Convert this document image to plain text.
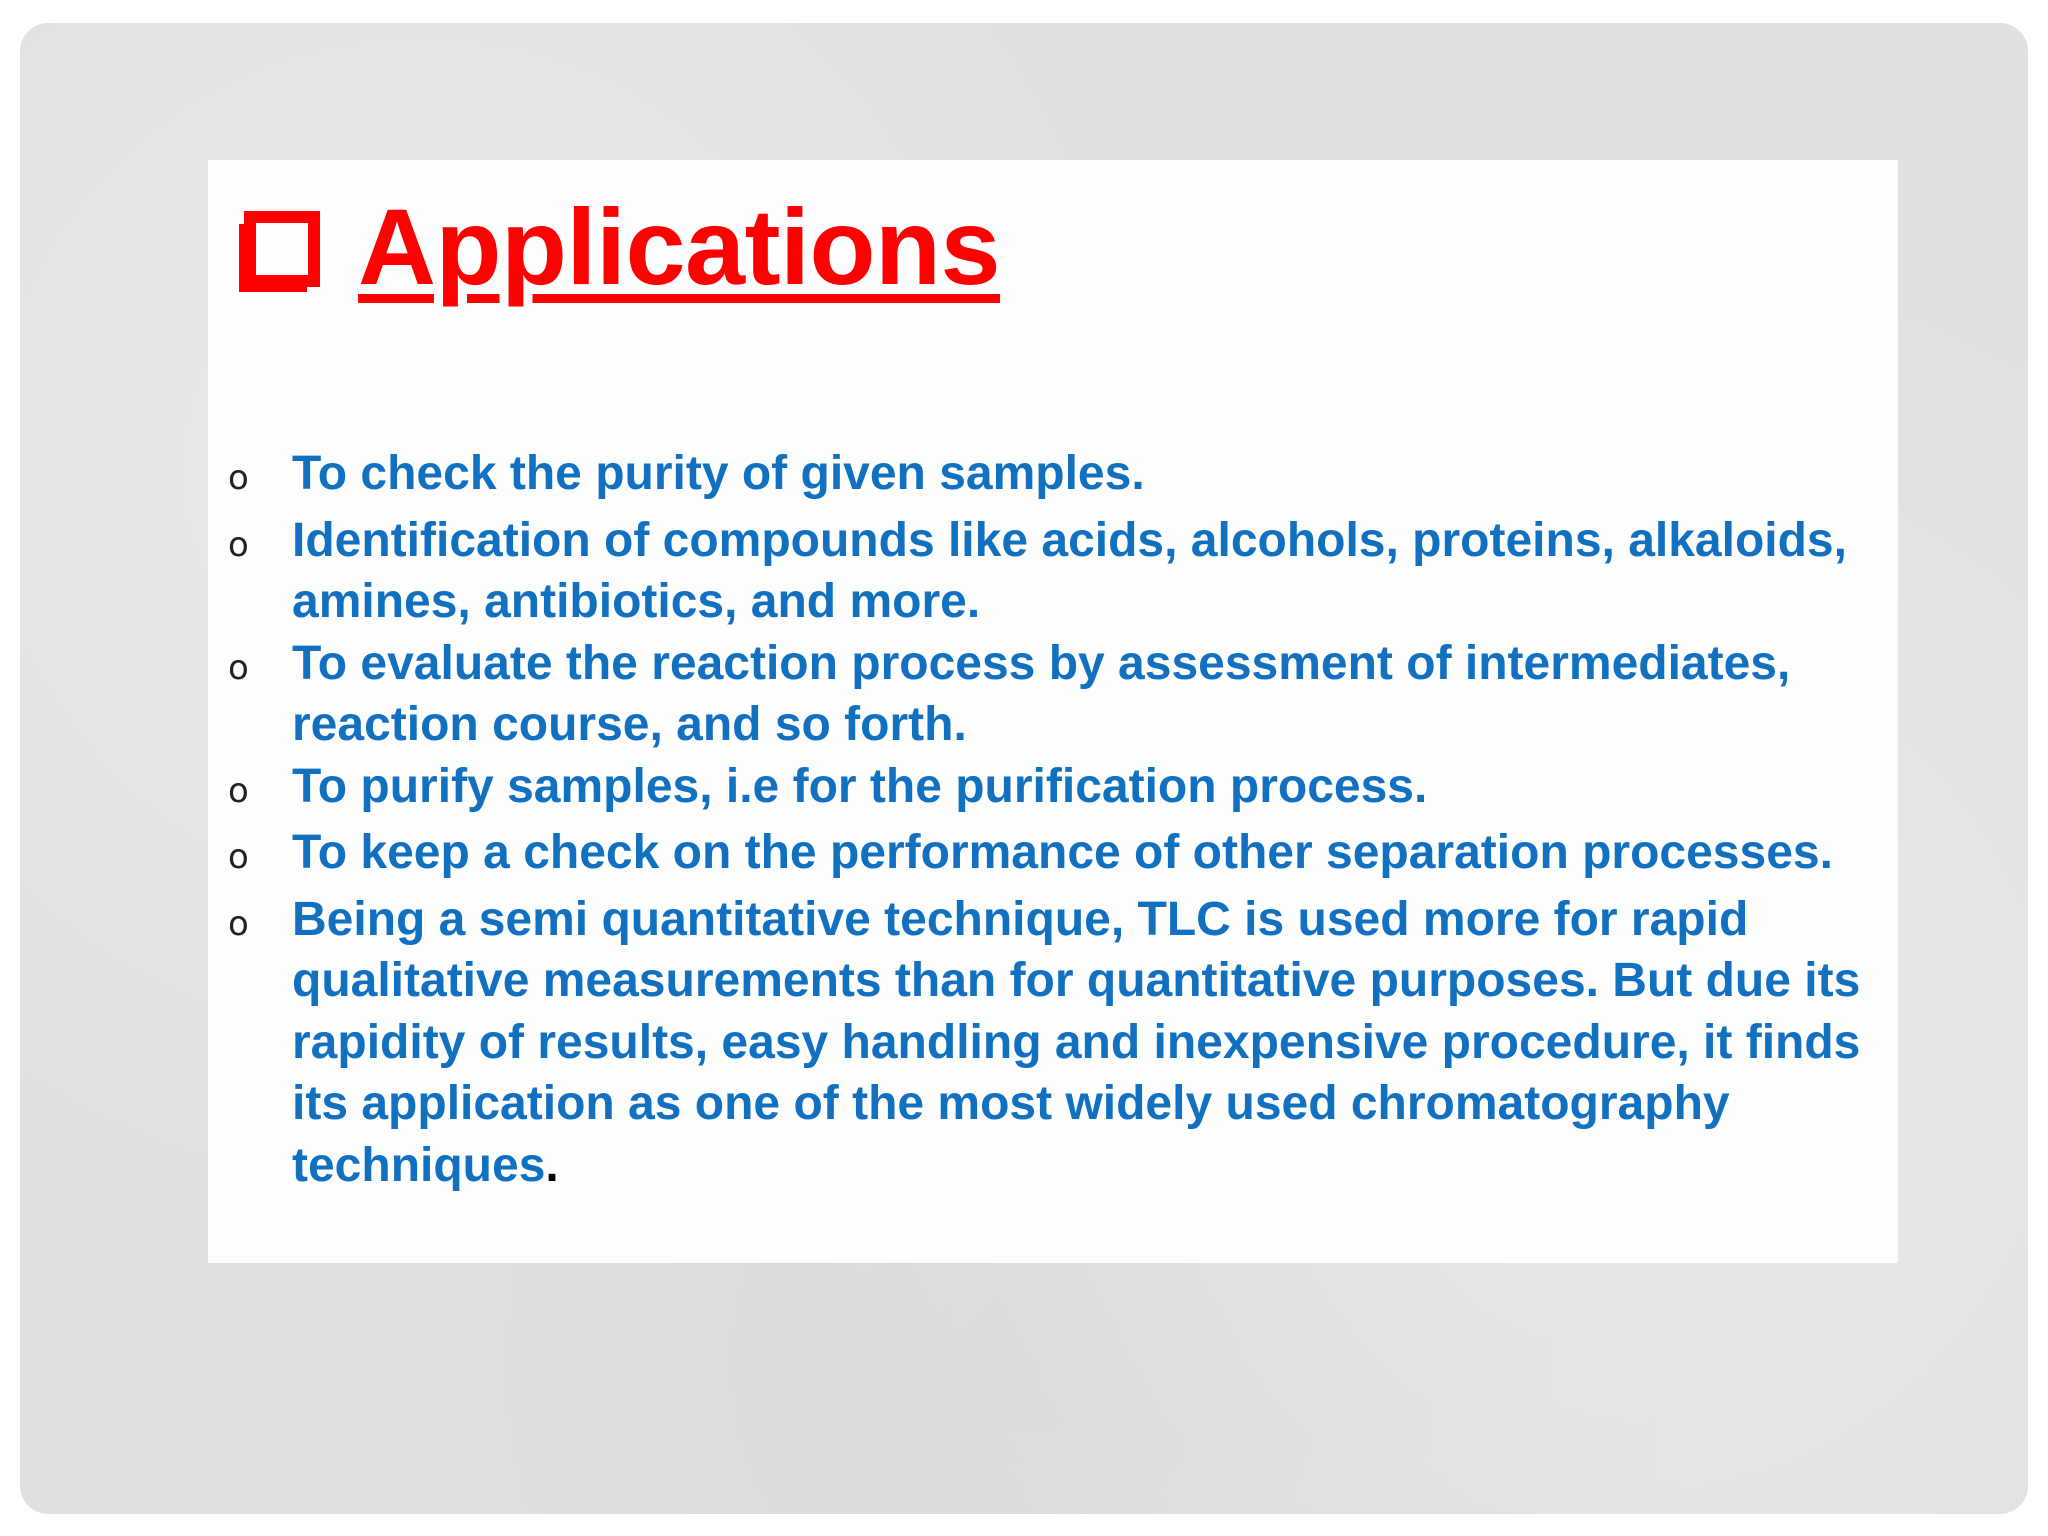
Applications
o To check the purity of given samples.
o Identification of compounds like acids, alcohols, proteins, alkaloids, amines, antibiotics, and more.
o To evaluate the reaction process by assessment of intermediates, reaction course, and so forth.
o To purify samples, i.e for the purification process.
o To keep a check on the performance of other separation processes.
o Being a semi quantitative technique, TLC is used more for rapid qualitative measurements than for quantitative purposes. But due its rapidity of results, easy handling and inexpensive procedure, it finds its application as one of the most widely used chromatography techniques.
